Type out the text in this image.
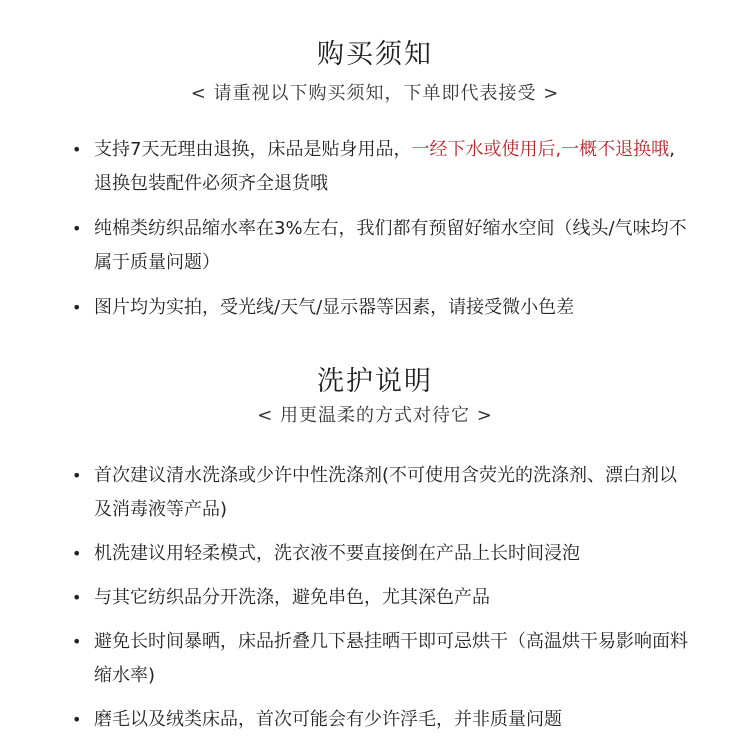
购买须知

< 请重视以下购买须知，下单即代表接受 >

• 支持7天无理由退换，床品是贴身用品，一经下水或使用后,一概不退换哦,退换包装配件必须齐全退货哦
• 纯棉类纺织品缩水率在3%左右，我们都有预留好缩水空间（线头/气味均不属于质量问题）
• 图片均为实拍，受光线/天气/显示器等因素，请接受微小色差
洗护说明

< 用更温柔的方式对待它 >

• 首次建议清水洗涤或少许中性洗涤剂(不可使用含荧光的洗涤剂、漂白剂以及消毒液等产品)
• 机洗建议用轻柔模式，洗衣液不要直接倒在产品上长时间浸泡
• 与其它纺织品分开洗涤，避免串色，尤其深色产品
• 避免长时间暴晒，床品折叠几下悬挂晒干即可忌烘干（高温烘干易影响面料缩水率)
• 磨毛以及绒类床品，首次可能会有少许浮毛，并非质量问题
